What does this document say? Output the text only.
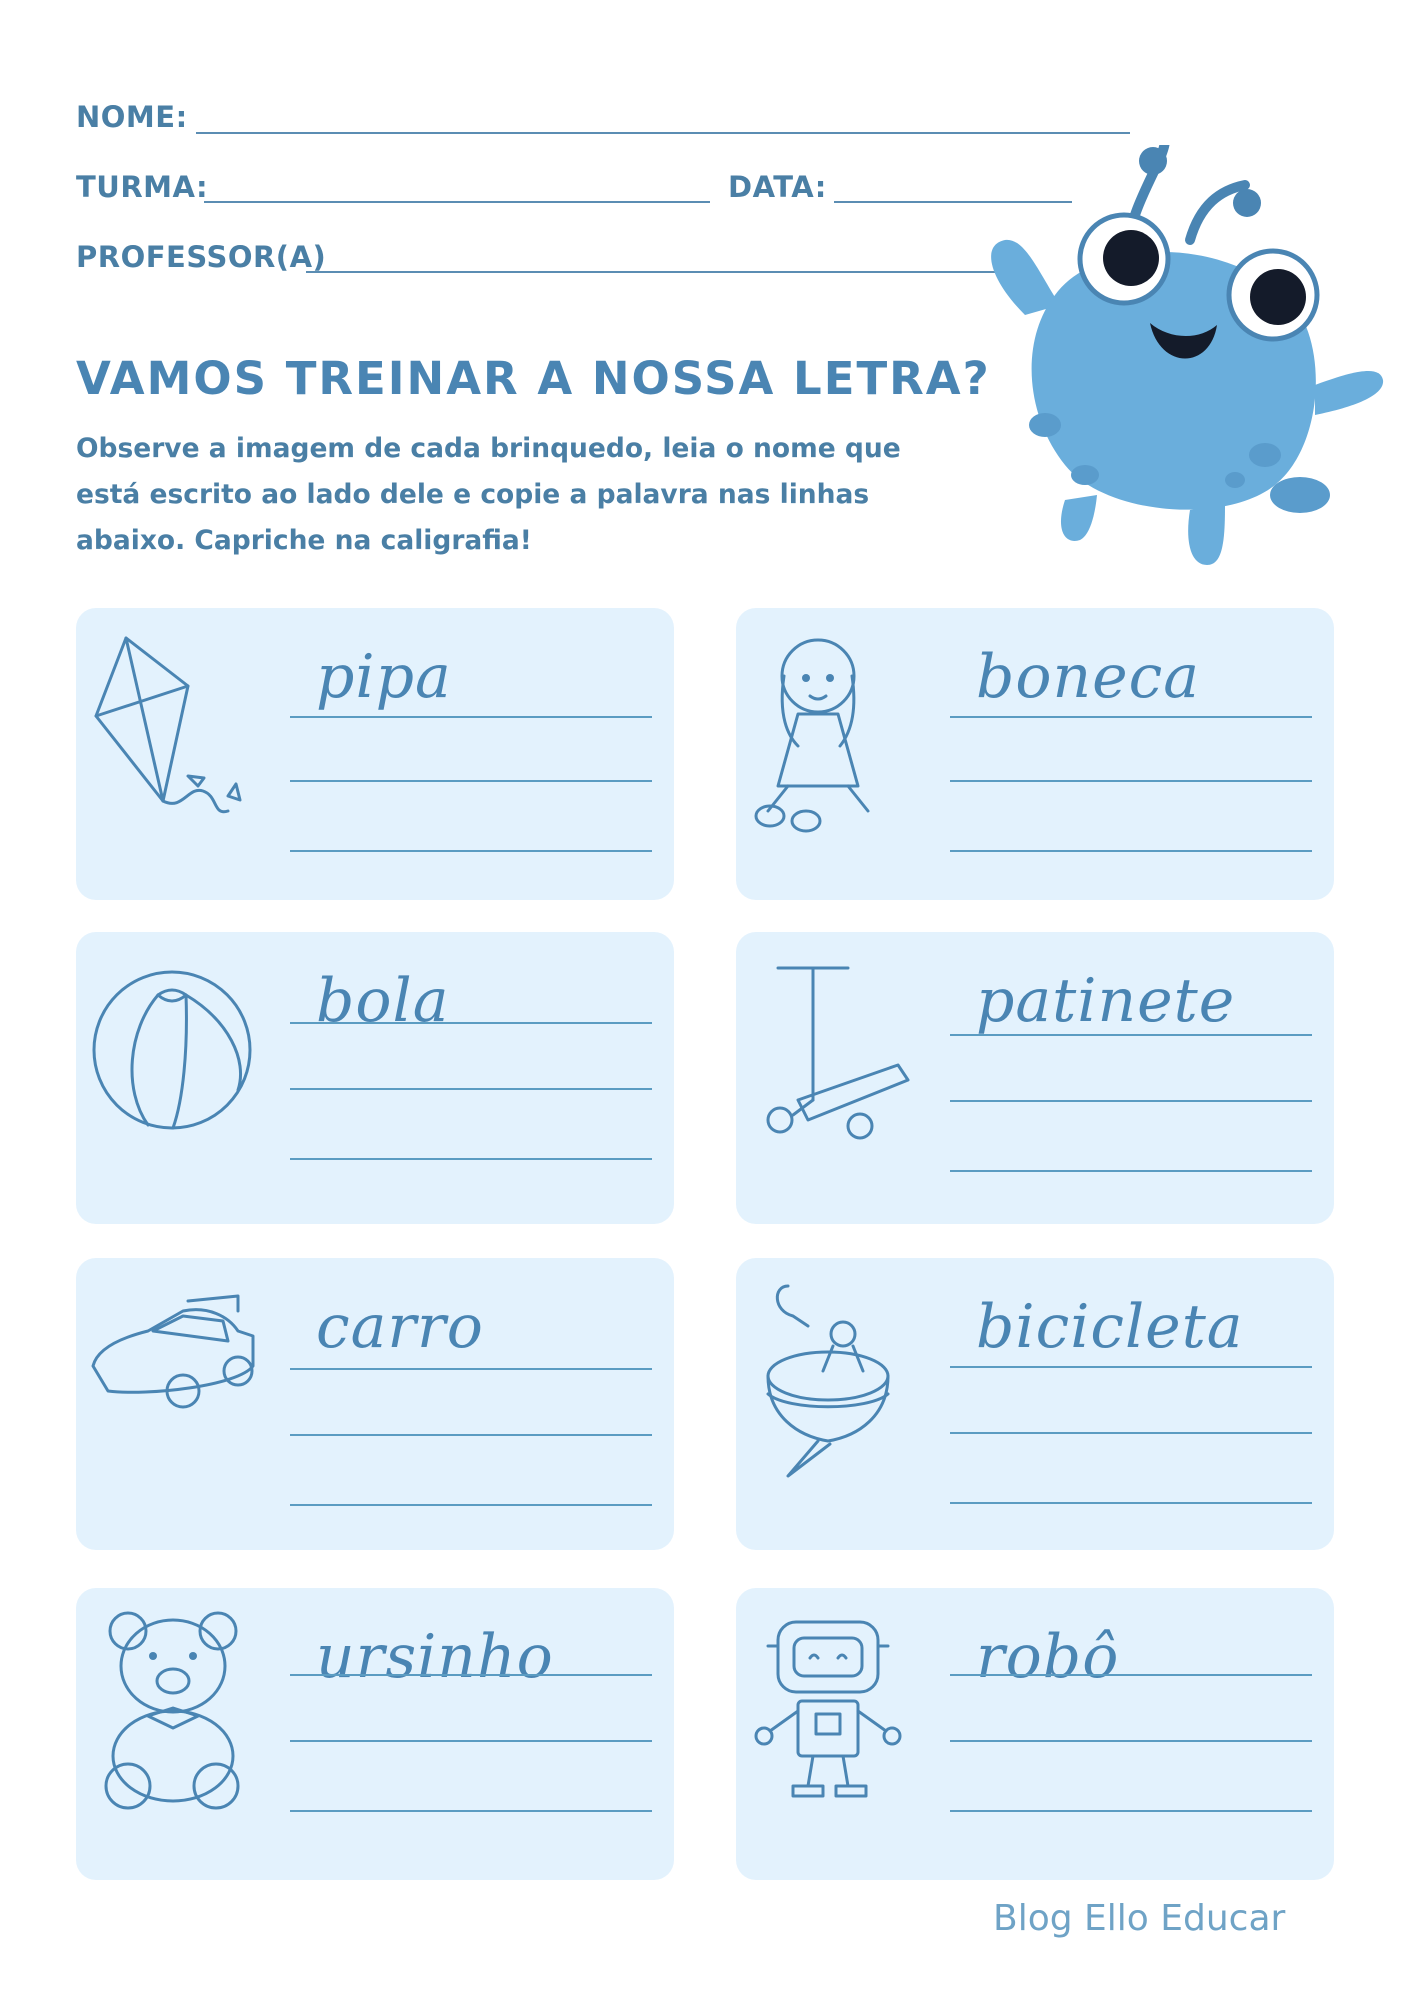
NOME:
TURMA:	DATA:
PROFESSOR(A)
VAMOS TREINAR A NOSSA LETRA?

Observe a imagem de cada brinquedo, leia o nome que está escrito ao lado dele e copie a palavra nas linhas abaixo. Capriche na caligrafia!

pipa	boneca
bola	patinete
carro	bicicleta
ursinho	robô

Blog Ello Educar
